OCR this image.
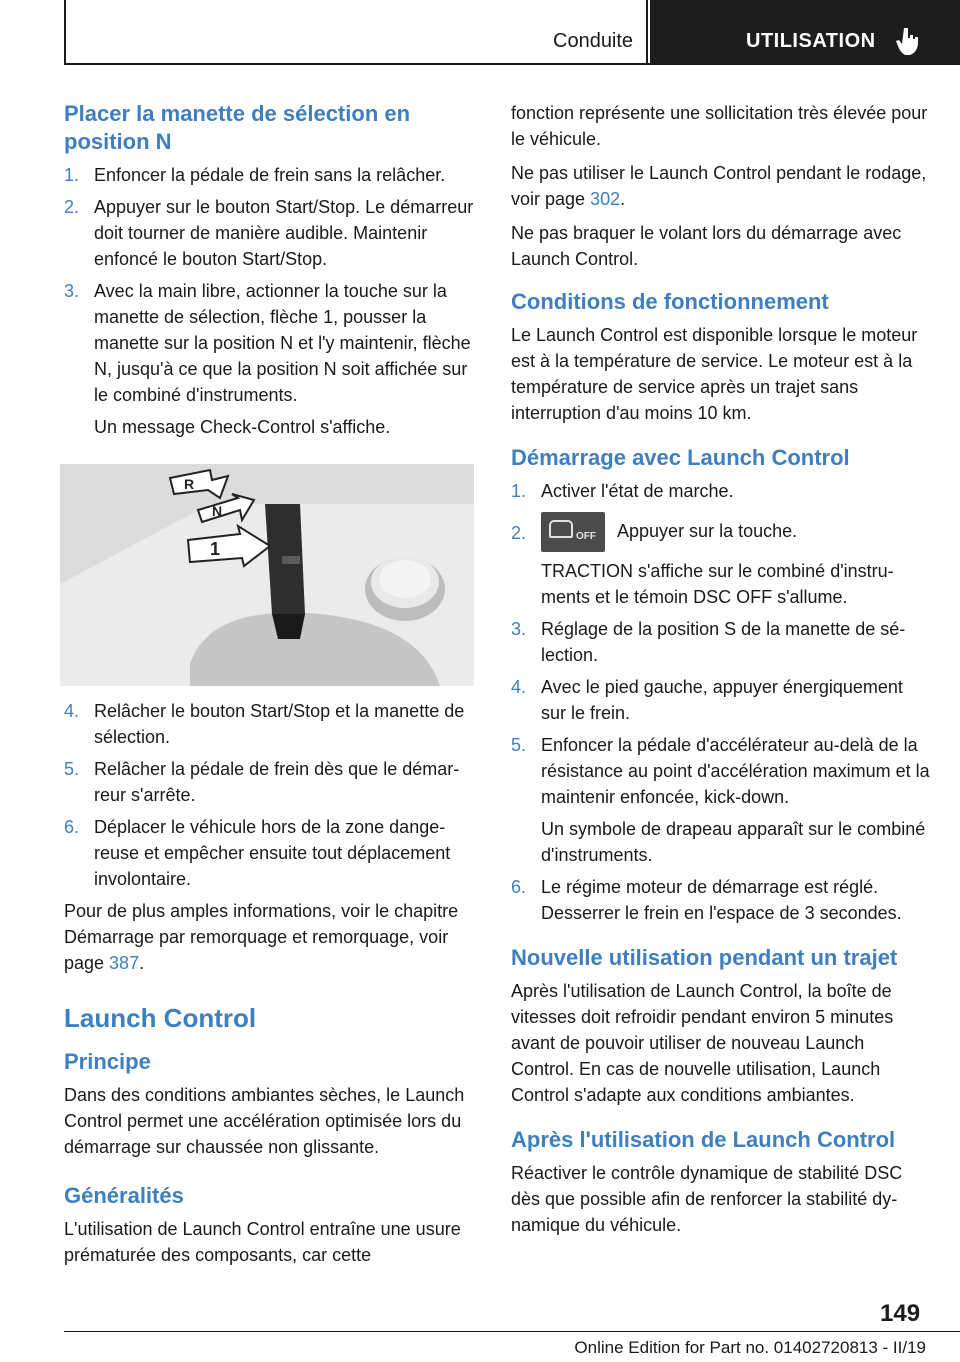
Conduite	UTILISATION
Placer la manette de sélection en position N
1. Enfoncer la pédale de frein sans la relâcher.
2. Appuyer sur le bouton Start/Stop. Le démarreur doit tourner de manière audible. Maintenir enfoncé le bouton Start/Stop.
3. Avec la main libre, actionner la touche sur la manette de sélection, flèche 1, pousser la manette sur la position N et l'y maintenir, flèche N, jusqu'à ce que la position N soit affichée sur le combiné d'instruments.
Un message Check-Control s'affiche.
R
N
1
4. Relâcher le bouton Start/Stop et la manette de sélection.
5. Relâcher la pédale de frein dès que le démarreur s'arrête.
6. Déplacer le véhicule hors de la zone dangereuse et empêcher ensuite tout déplacement involontaire.

Pour de plus amples informations, voir le chapitre Démarrage par remorquage et remorquage, voir page 387.

Launch Control
Principe

Dans des conditions ambiantes sèches, le Launch Control permet une accélération optimisée lors du démarrage sur chaussée non glissante.

Généralités

L'utilisation de Launch Control entraîne une usure prématurée des composants, car cette

fonction représente une sollicitation très élevée pour le véhicule.

Ne pas utiliser le Launch Control pendant le rodage, voir page 302.

Ne pas braquer le volant lors du démarrage avec Launch Control.

Conditions de fonctionnement

Le Launch Control est disponible lorsque le moteur est à la température de service. Le moteur est à la température de service après un trajet sans interruption d'au moins 10 km.

Démarrage avec Launch Control
1. Activer l'état de marche.
2.	OFF Appuyer sur la touche.
TRACTION s'affiche sur le combiné d'instruments et le témoin DSC OFF s'allume.
3. Réglage de la position S de la manette de sélection.
4. Avec le pied gauche, appuyer énergiquement sur le frein.
5. Enfoncer la pédale d'accélérateur au-delà de la résistance au point d'accélération maximum et la maintenir enfoncée, kick-down.
Un symbole de drapeau apparaît sur le combiné d'instruments.
6. Le régime moteur de démarrage est réglé. Desserrer le frein en l'espace de 3 secondes.
Nouvelle utilisation pendant un trajet

Après l'utilisation de Launch Control, la boîte de vitesses doit refroidir pendant environ 5 minutes avant de pouvoir utiliser de nouveau Launch Control. En cas de nouvelle utilisation, Launch Control s'adapte aux conditions ambiantes.

Après l'utilisation de Launch Control

Réactiver le contrôle dynamique de stabilité DSC dès que possible afin de renforcer la stabilité dynamique du véhicule.

149
Online Edition for Part no. 01402720813 - II/19
